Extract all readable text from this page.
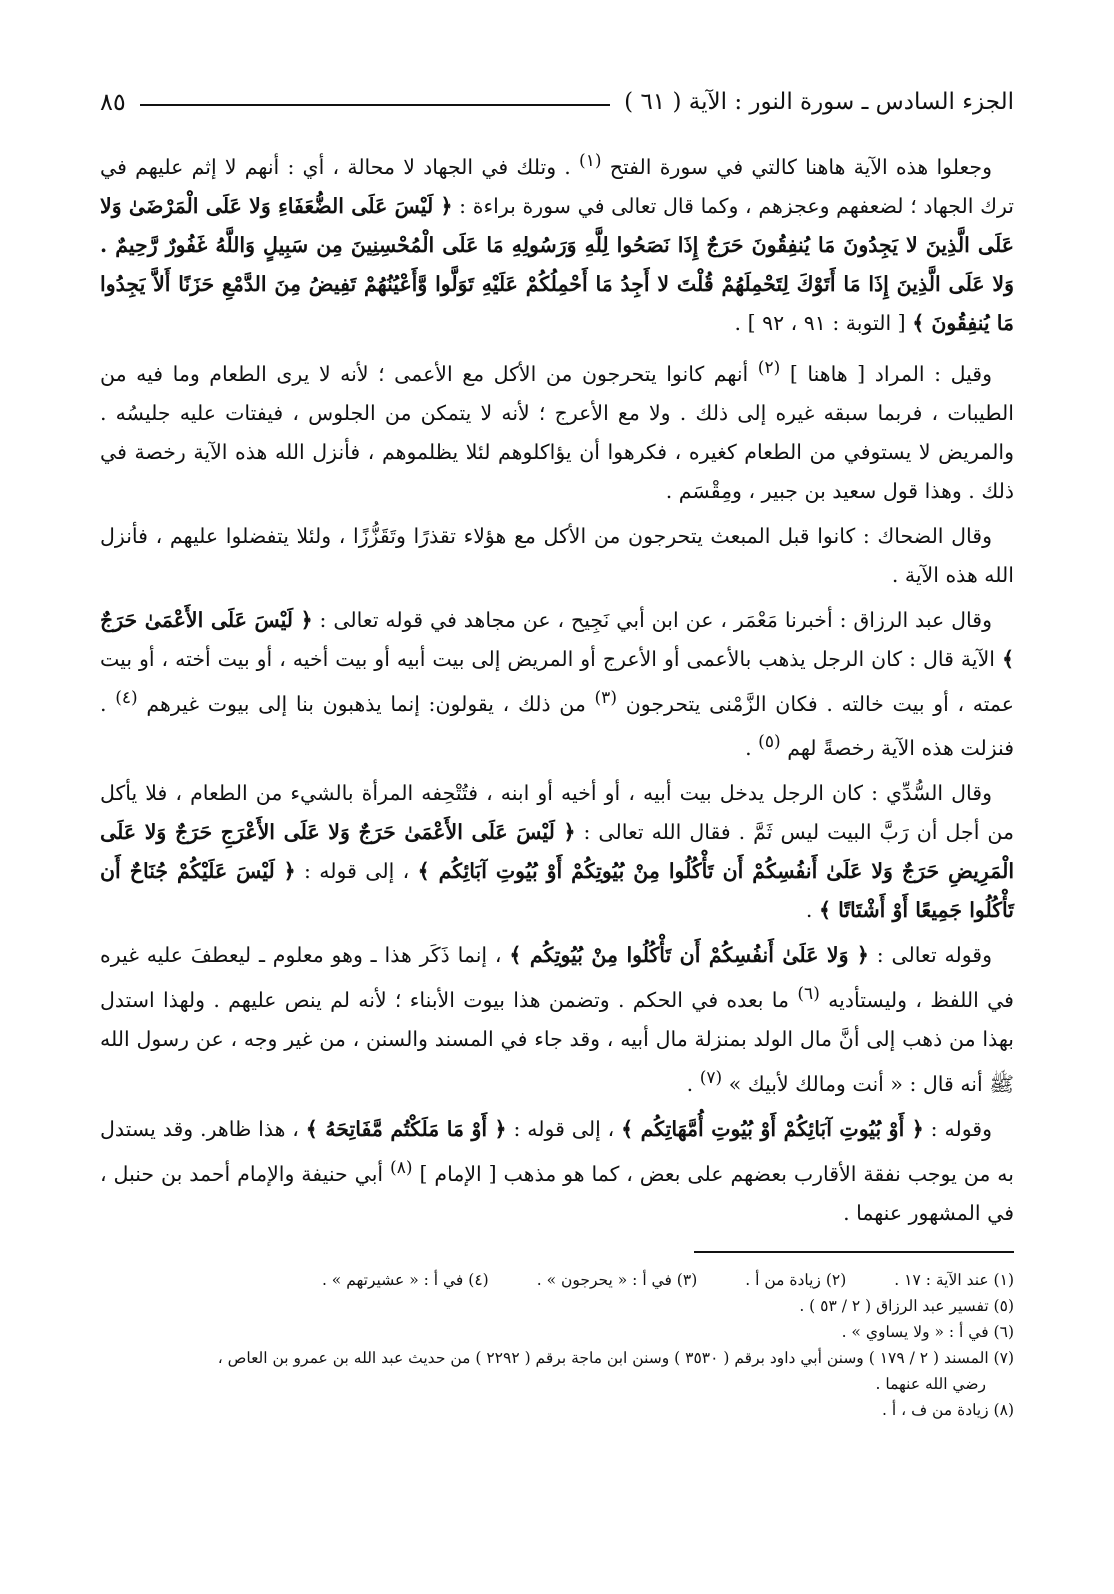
الجزء السادس ـ سورة النور : الآية ( ٦١ )
٨٥

وجعلوا هذه الآية هاهنا كالتي في سورة الفتح $^{(١)}$ . وتلك في الجهاد لا محالة ، أي : أنهم لا إثم عليهم في ترك الجهاد ؛ لضعفهم وعجزهم ، وكما قال تعالى في سورة براءة : ﴿ لَيْسَ عَلَى الضُّعَفَاءِ وَلا عَلَى الْمَرْضَىٰ وَلا عَلَى الَّذِينَ لا يَجِدُونَ مَا يُنفِقُونَ حَرَجٌ إِذَا نَصَحُوا لِلَّهِ وَرَسُولِهِ مَا عَلَى الْمُحْسِنِينَ مِن سَبِيلٍ وَاللَّهُ غَفُورٌ رَّحِيمٌ . وَلا عَلَى الَّذِينَ إِذَا مَا أَتَوْكَ لِتَحْمِلَهُمْ قُلْتَ لا أَجِدُ مَا أَحْمِلُكُمْ عَلَيْهِ تَوَلَّوا وَّأَعْيُنُهُمْ تَفِيضُ مِنَ الدَّمْعِ حَزَنًا أَلاَّ يَجِدُوا مَا يُنفِقُونَ ﴾ [ التوبة : ٩١ ، ٩٢ ] .

وقيل : المراد [ هاهنا ] $^{(٢)}$ أنهم كانوا يتحرجون من الأكل مع الأعمى ؛ لأنه لا يرى الطعام وما فيه من الطيبات ، فربما سبقه غيره إلى ذلك . ولا مع الأعرج ؛ لأنه لا يتمكن من الجلوس ، فيفتات عليه جليسُه . والمريض لا يستوفي من الطعام كغيره ، فكرهوا أن يؤاكلوهم لئلا يظلموهم ، فأنزل الله هذه الآية رخصة في ذلك . وهذا قول سعيد بن جبير ، ومِقْسَم .

وقال الضحاك : كانوا قبل المبعث يتحرجون من الأكل مع هؤلاء تقذرًا وتَقَزُّزًا ، ولئلا يتفضلوا عليهم ، فأنزل الله هذه الآية .

وقال عبد الرزاق : أخبرنا مَعْمَر ، عن ابن أبي نَجِيح ، عن مجاهد في قوله تعالى : ﴿ لَيْسَ عَلَى الأَعْمَىٰ حَرَجٌ ﴾ الآية قال : كان الرجل يذهب بالأعمى أو الأعرج أو المريض إلى بيت أبيه أو بيت أخيه ، أو بيت أخته ، أو بيت عمته ، أو بيت خالته . فكان الزَّمْنى يتحرجون $^{(٣)}$ من ذلك ، يقولون: إنما يذهبون بنا إلى بيوت غيرهم $^{(٤)}$ . فنزلت هذه الآية رخصةً لهم $^{(٥)}$ .

وقال السُّدِّي : كان الرجل يدخل بيت أبيه ، أو أخيه أو ابنه ، فتُتْحِفه المرأة بالشيء من الطعام ، فلا يأكل من أجل أن رَبَّ البيت ليس ثَمَّ . فقال الله تعالى : ﴿ لَيْسَ عَلَى الأَعْمَىٰ حَرَجٌ وَلا عَلَى الأَعْرَجِ حَرَجٌ وَلا عَلَى الْمَرِيضِ حَرَجٌ وَلا عَلَىٰ أَنفُسِكُمْ أَن تَأْكُلُوا مِنْ بُيُوتِكُمْ أَوْ بُيُوتِ آبَائِكُم ﴾ ، إلى قوله : ﴿ لَيْسَ عَلَيْكُمْ جُنَاحٌ أَن تَأْكُلُوا جَمِيعًا أَوْ أَشْتَاتًا ﴾ .

وقوله تعالى : ﴿ وَلا عَلَىٰ أَنفُسِكُمْ أَن تَأْكُلُوا مِنْ بُيُوتِكُم ﴾ ، إنما ذَكَر هذا ـ وهو معلوم ـ ليعطفَ عليه غيره في اللفظ ، وليستأديه $^{(٦)}$ ما بعده في الحكم . وتضمن هذا بيوت الأبناء ؛ لأنه لم ينص عليهم . ولهذا استدل بهذا من ذهب إلى أنَّ مال الولد بمنزلة مال أبيه ، وقد جاء في المسند والسنن ، من غير وجه ، عن رسول الله ﷺ أنه قال : « أنت ومالك لأبيك » $^{(٧)}$ .

وقوله : ﴿ أَوْ بُيُوتِ آبَائِكُمْ أَوْ بُيُوتِ أُمَّهَاتِكُم ﴾ ، إلى قوله : ﴿ أَوْ مَا مَلَكْتُم مَّفَاتِحَهُ ﴾ ، هذا ظاهر. وقد يستدل به من يوجب نفقة الأقارب بعضهم على بعض ، كما هو مذهب [ الإمام ] $^{(٨)}$ أبي حنيفة والإمام أحمد بن حنبل ، في المشهور عنهما .

(١) عند الآية : ١٧ .
(٢) زيادة من أ .
(٣) في أ : « يحرجون » .
(٤) في أ : « عشيرتهم » .
(٥) تفسير عبد الرزاق ( ٢ / ٥٣ ) .
(٦) في أ : « ولا يساوي » .
(٧) المسند ( ٢ / ١٧٩ ) وسنن أبي داود برقم ( ٣٥٣٠ ) وسنن ابن ماجة برقم ( ٢٢٩٢ ) من حديث عبد الله بن عمرو بن العاص ،
رضي الله عنهما .
(٨) زيادة من ف ، أ .
